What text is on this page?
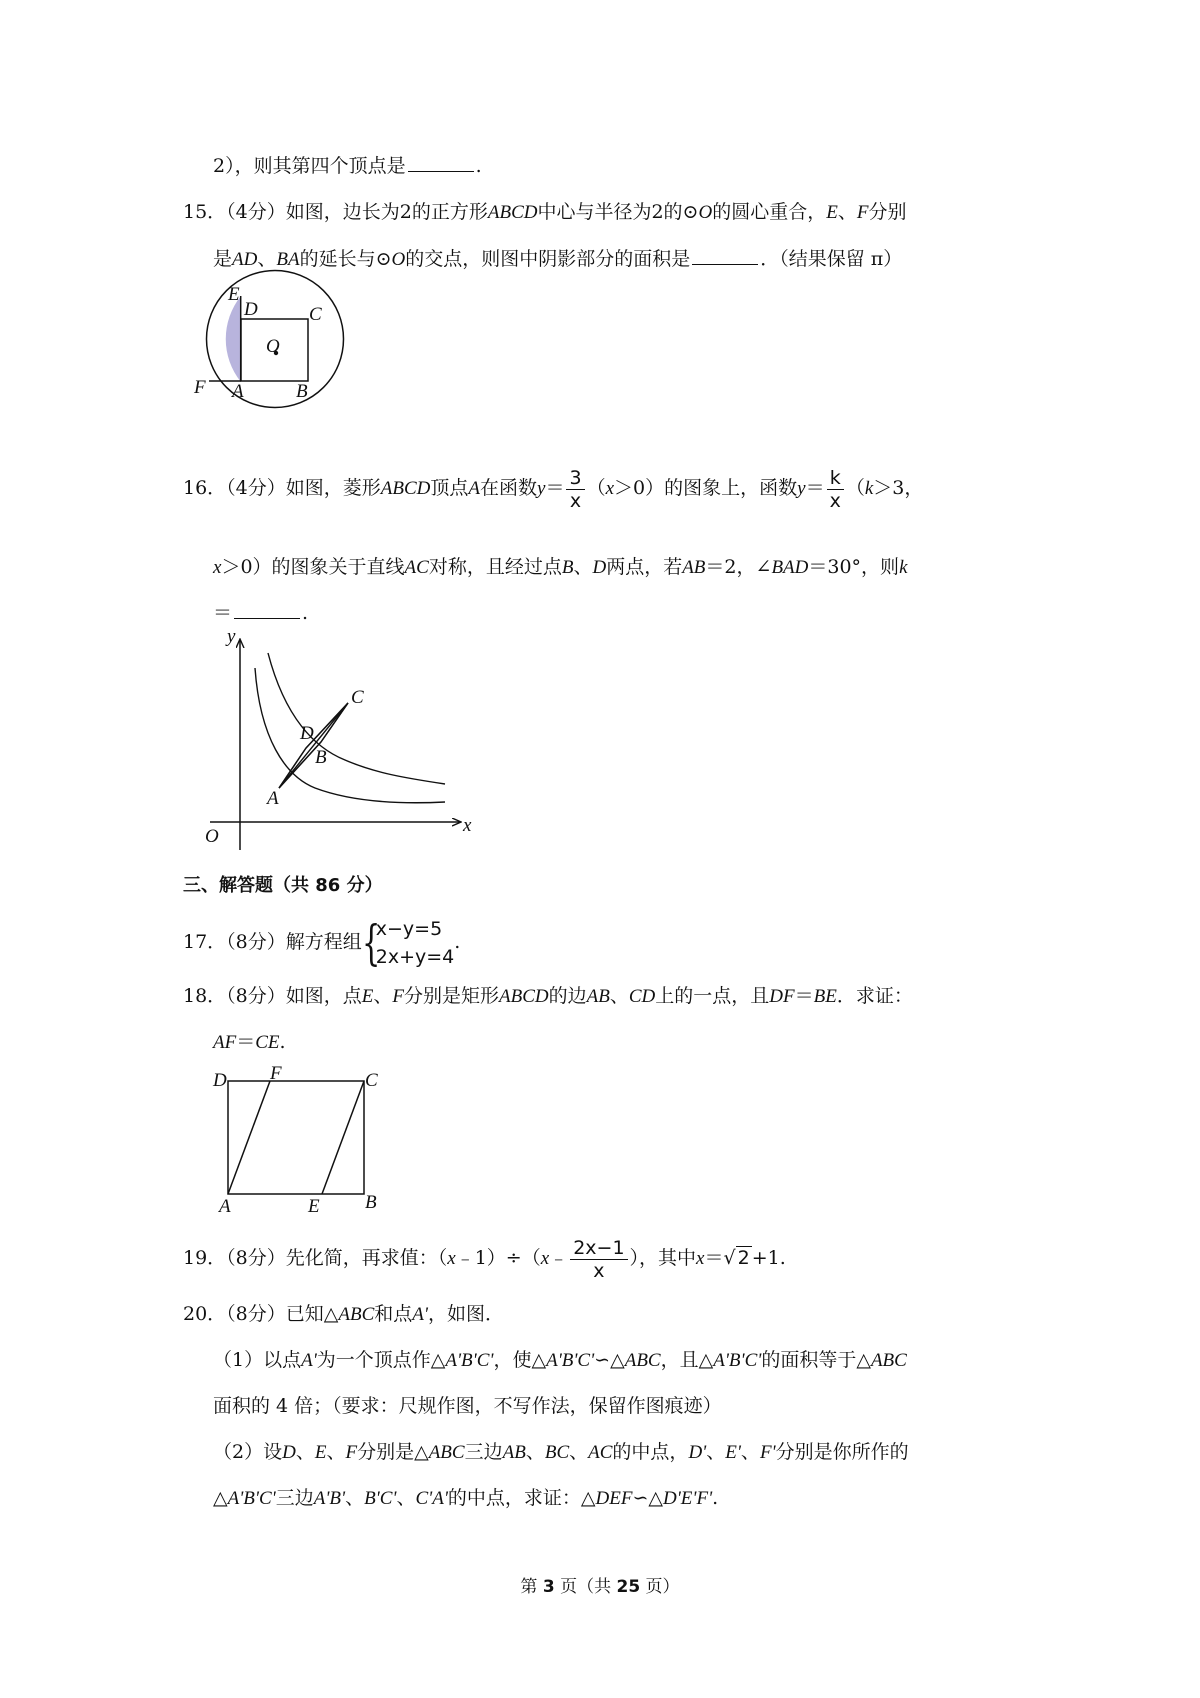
2），则其第四个顶点是	.
15．（4分）如图，边长为2的正方形ABCD中心与半径为2的⊙O的圆心重合，E、F分别
是AD、BA的延长与⊙O的交点，则图中阴影部分的面积是	．（结果保留 π）
E
D	C
O
F A	B
16．（4分）如图，菱形ABCD顶点A在函数$y= \frac{3}{x} (x>0)$的图象上，函数$y= \frac{k}{x} (k>3$，
x＞0）的图象关于直线AC对称，且经过点B、D两点，若AB＝2，∠BAD＝30°，则k
＝	.
y
x
O
A
B
C
D
三、解答题（共 86 分）
17．（8分）解方程组 {
x−y=5
2x+y=4
.
18．（8分）如图，点E、F分别是矩形ABCD的边AB、CD上的一点，且DF＝BE．求证：
AF＝CE.
D F	C
A	E B
19．（8分）先化简，再求值：（x﹣1）÷（x﹣ $\frac{2x-1}{x}$ ），其中x＝√ 2 +1.
20．（8分）已知△ABC和点A'，如图．
（1）以点A'为一个顶点作△A'B'C'，使△A'B'C'∽△ABC，且△A'B'C'的面积等于△ABC
面积的 4 倍；（要求：尺规作图，不写作法，保留作图痕迹）
（2）设D、E、F分别是△ABC三边AB、BC、AC的中点，D'、E'、F'分别是你所作的
△A'B'C'三边A'B'、B'C'、C'A'的中点，求证：△DEF∽△D'E'F'.
第 3 页（共 25 页）
